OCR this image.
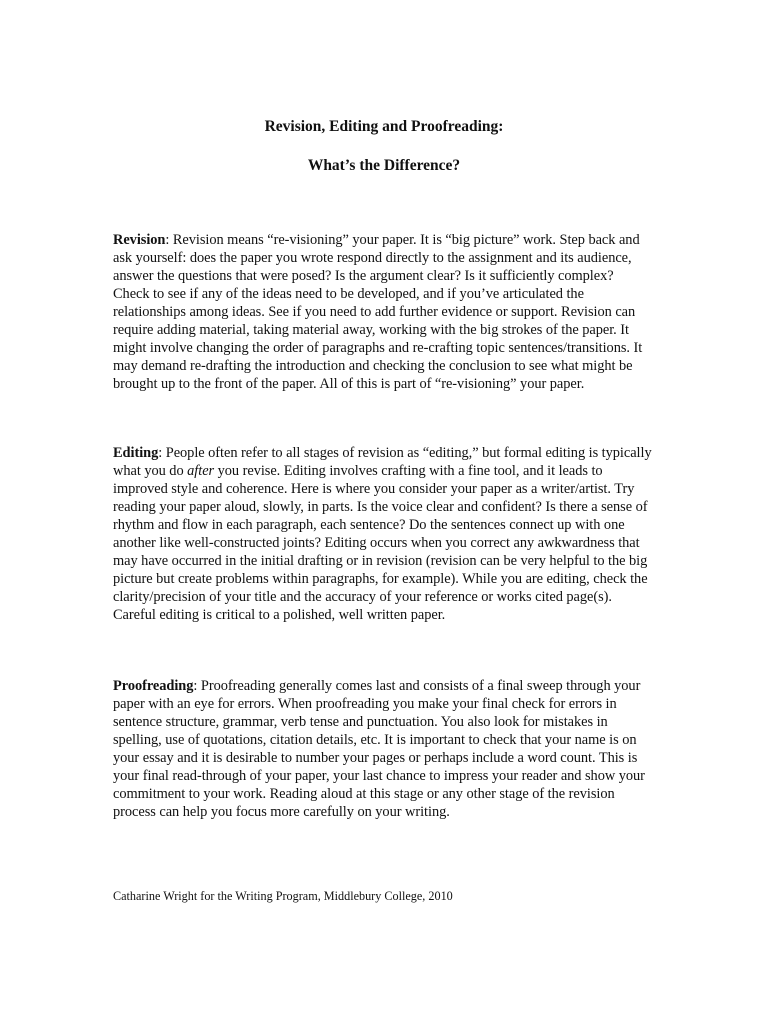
Revision, Editing and Proofreading:
What’s the Difference?

Revision: Revision means “re-visioning” your paper. It is “big picture” work. Step back and ask yourself: does the paper you wrote respond directly to the assignment and its audience, answer the questions that were posed? Is the argument clear? Is it sufficiently complex? Check to see if any of the ideas need to be developed, and if you’ve articulated the relationships among ideas. See if you need to add further evidence or support. Revision can require adding material, taking material away, working with the big strokes of the paper. It might involve changing the order of paragraphs and re-crafting topic sentences/transitions. It may demand re-drafting the introduction and checking the conclusion to see what might be brought up to the front of the paper. All of this is part of “re-visioning” your paper.

Editing: People often refer to all stages of revision as “editing,” but formal editing is typically what you do after you revise. Editing involves crafting with a fine tool, and it leads to improved style and coherence. Here is where you consider your paper as a writer/artist. Try reading your paper aloud, slowly, in parts. Is the voice clear and confident? Is there a sense of rhythm and flow in each paragraph, each sentence? Do the sentences connect up with one another like well-constructed joints? Editing occurs when you correct any awkwardness that may have occurred in the initial drafting or in revision (revision can be very helpful to the big picture but create problems within paragraphs, for example). While you are editing, check the clarity/precision of your title and the accuracy of your reference or works cited page(s). Careful editing is critical to a polished, well written paper.

Proofreading: Proofreading generally comes last and consists of a final sweep through your paper with an eye for errors. When proofreading you make your final check for errors in sentence structure, grammar, verb tense and punctuation. You also look for mistakes in spelling, use of quotations, citation details, etc. It is important to check that your name is on your essay and it is desirable to number your pages or perhaps include a word count. This is your final read-through of your paper, your last chance to impress your reader and show your commitment to your work. Reading aloud at this stage or any other stage of the revision process can help you focus more carefully on your writing.

Catharine Wright for the Writing Program, Middlebury College, 2010
